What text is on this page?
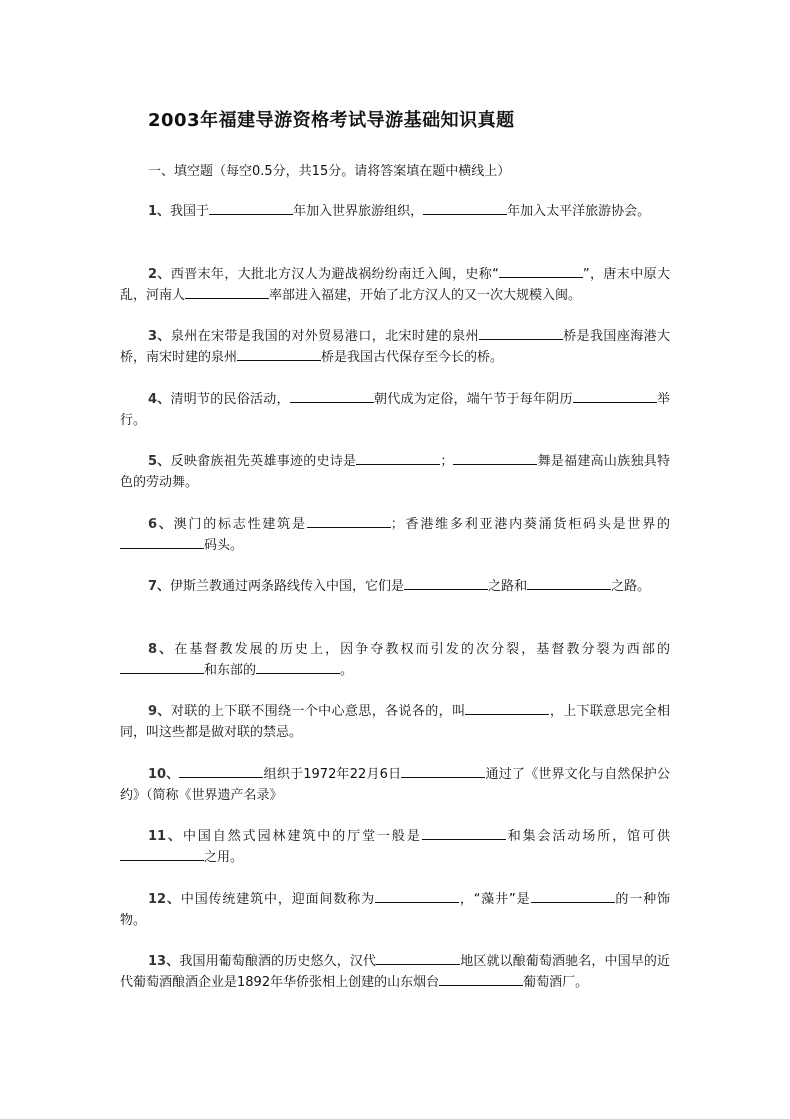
2003年福建导游资格考试导游基础知识真题
一、填空题（每空0.5分，共15分。请将答案填在题中横线上）

1、我国于	年加入世界旅游组织，	年加入太平洋旅游协会。

2、西晋末年，大批北方汉人为避战祸纷纷南迁入闽，史称“	”，唐末中原大乱，河南人	率部进入福建，开始了北方汉人的又一次大规模入闽。

3、泉州在宋带是我国的对外贸易港口，北宋时建的泉州	桥是我国座海港大桥，南宋时建的泉州	桥是我国古代保存至今长的桥。

4、清明节的民俗活动，	朝代成为定俗，端午节于每年阴历	举行。

5、反映畲族祖先英雄事迹的史诗是	；	舞是福建高山族独具特色的劳动舞。

6、澳门的标志性建筑是	；香港维多利亚港内葵涌货柜码头是世界的码头。

7、伊斯兰教通过两条路线传入中国，它们是	之路和	之路。

8、在基督教发展的历史上，因争夺教权而引发的次分裂，基督教分裂为西部的和东部的	。

9、对联的上下联不围绕一个中心意思，各说各的，叫	，上下联意思完全相同，叫这些都是做对联的禁忌。

10、	组织于1972年22月6日	通过了《世界文化与自然保护公约》（简称《世界遗产名录》

11、中国自然式园林建筑中的厅堂一般是	和集会活动场所，馆可供之用。

12、中国传统建筑中，迎面间数称为	，“藻井”是	的一种饰物。

13、我国用葡萄酿酒的历史悠久，汉代	地区就以酿葡萄酒驰名，中国早的近代葡萄酒酿酒企业是1892年华侨张相上创建的山东烟台	葡萄酒厂。
